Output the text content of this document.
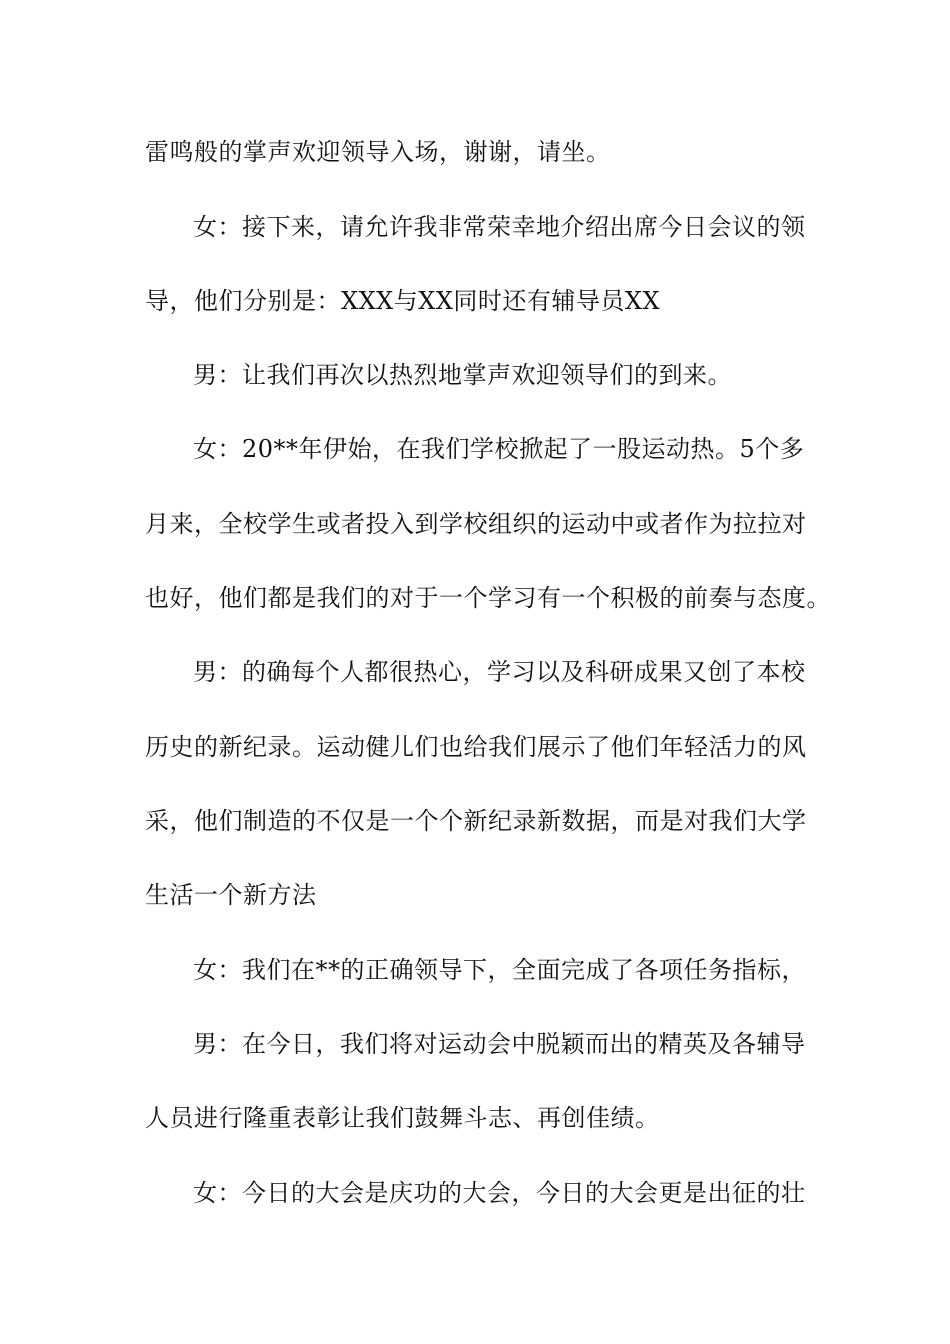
雷鸣般的掌声欢迎领导入场，谢谢，请坐。
女：接下来，请允许我非常荣幸地介绍出席今日会议的领
导，他们分别是：XXX与XX同时还有辅导员XX
男：让我们再次以热烈地掌声欢迎领导们的到来。
女：20**年伊始，在我们学校掀起了一股运动热。5个多
月来，全校学生或者投入到学校组织的运动中或者作为拉拉对
也好，他们都是我们的对于一个学习有一个积极的前奏与态度。
男：的确每个人都很热心，学习以及科研成果又创了本校
历史的新纪录。运动健儿们也给我们展示了他们年轻活力的风
采，他们制造的不仅是一个个新纪录新数据，而是对我们大学
生活一个新方法
女：我们在**的正确领导下，全面完成了各项任务指标，
男：在今日，我们将对运动会中脱颖而出的精英及各辅导
人员进行隆重表彰让我们鼓舞斗志、再创佳绩。
女：今日的大会是庆功的大会，今日的大会更是出征的壮
